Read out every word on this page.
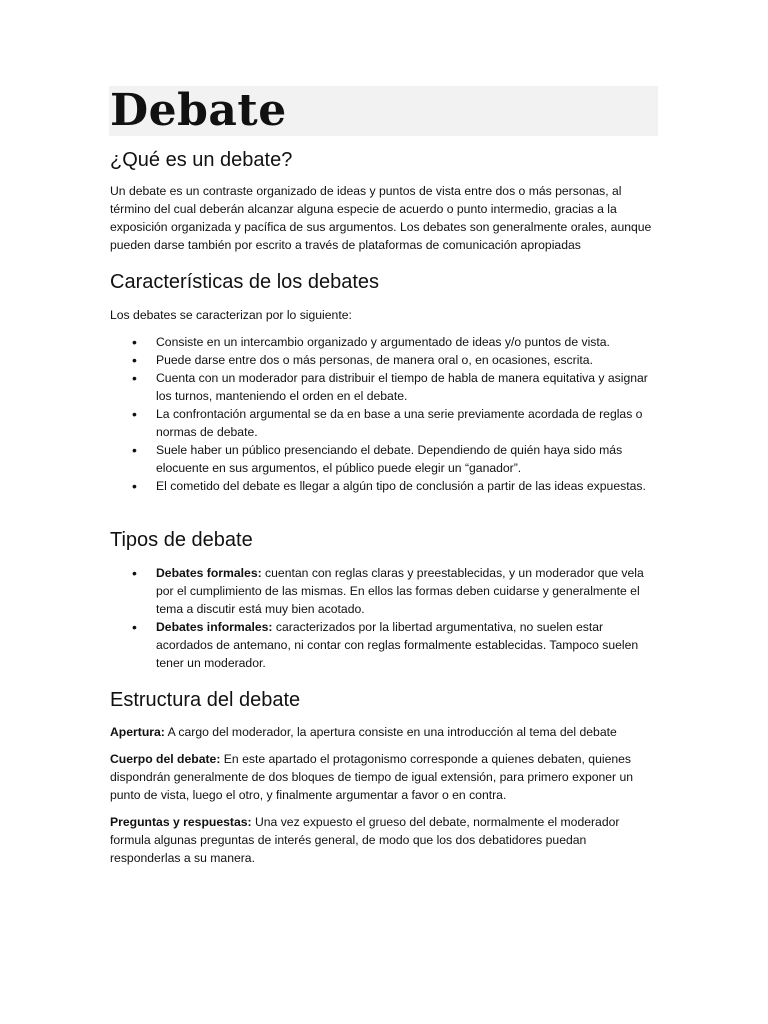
Debate
¿Qué es un debate?

Un debate es un contraste organizado de ideas y puntos de vista entre dos o más personas, al término del cual deberán alcanzar alguna especie de acuerdo o punto intermedio, gracias a la exposición organizada y pacífica de sus argumentos. Los debates son generalmente orales, aunque pueden darse también por escrito a través de plataformas de comunicación apropiadas

Características de los debates

Los debates se caracterizan por lo siguiente:

• Consiste en un intercambio organizado y argumentado de ideas y/o puntos de vista.
• Puede darse entre dos o más personas, de manera oral o, en ocasiones, escrita.
• Cuenta con un moderador para distribuir el tiempo de habla de manera equitativa y asignar los turnos, manteniendo el orden en el debate.
• La confrontación argumental se da en base a una serie previamente acordada de reglas o normas de debate.
• Suele haber un público presenciando el debate. Dependiendo de quién haya sido más elocuente en sus argumentos, el público puede elegir un “ganador”.
• El cometido del debate es llegar a algún tipo de conclusión a partir de las ideas expuestas.
Tipos de debate
• Debates formales: cuentan con reglas claras y preestablecidas, y un moderador que vela por el cumplimiento de las mismas. En ellos las formas deben cuidarse y generalmente el tema a discutir está muy bien acotado.
• Debates informales: caracterizados por la libertad argumentativa, no suelen estar acordados de antemano, ni contar con reglas formalmente establecidas. Tampoco suelen tener un moderador.
Estructura del debate

Apertura: A cargo del moderador, la apertura consiste en una introducción al tema del debate

Cuerpo del debate: En este apartado el protagonismo corresponde a quienes debaten, quienes dispondrán generalmente de dos bloques de tiempo de igual extensión, para primero exponer un punto de vista, luego el otro, y finalmente argumentar a favor o en contra.

Preguntas y respuestas: Una vez expuesto el grueso del debate, normalmente el moderador formula algunas preguntas de interés general, de modo que los dos debatidores puedan responderlas a su manera.
